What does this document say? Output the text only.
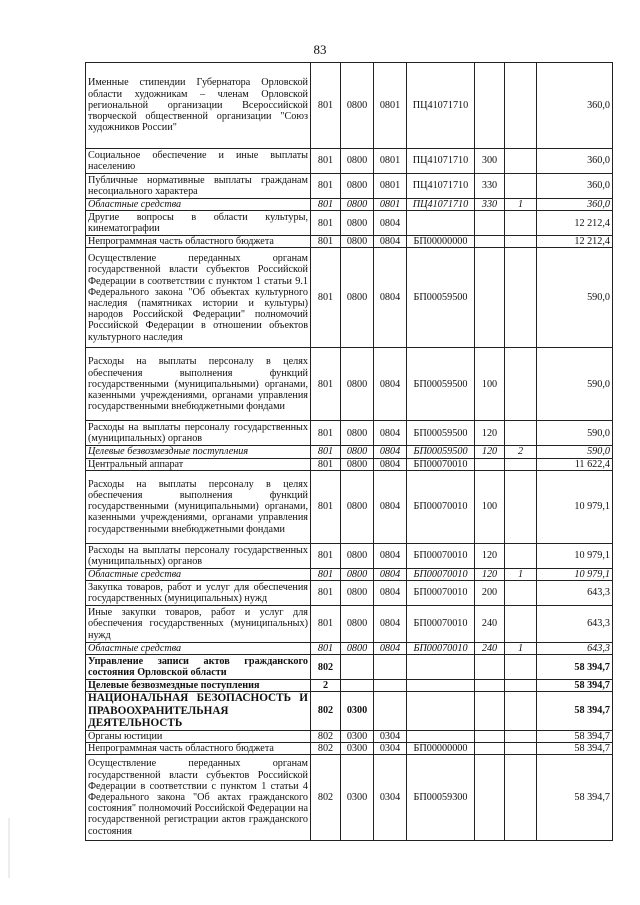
83
Именные стипендии Губернатора Орловской области художникам – членам Орловской региональной организации Всероссийской творческой общественной организации "Союз художников России"	801	0800	0801	ПЦ41071710			360,0
Социальное обеспечение и иные выплаты населению	801	0800	0801	ПЦ41071710	300		360,0
Публичные нормативные выплаты гражданам несоциального характера	801	0800	0801	ПЦ41071710	330		360,0
Областные средства	801	0800	0801	ПЦ41071710	330	1	360,0
Другие вопросы в области культуры, кинематографии	801	0800	0804				12 212,4
Непрограммная часть областного бюджета	801	0800	0804	БП00000000			12 212,4
Осуществление переданных органам государственной власти субъектов Российской Федерации в соответствии с пунктом 1 статьи 9.1 Федерального закона "Об объектах культурного наследия (памятниках истории и культуры) народов Российской Федерации" полномочий Российской Федерации в отношении объектов культурного наследия	801	0800	0804	БП00059500			590,0
Расходы на выплаты персоналу в целях обеспечения выполнения функций государственными (муниципальными) органами, казенными учреждениями, органами управления государственными внебюджетными фондами	801	0800	0804	БП00059500	100		590,0
Расходы на выплаты персоналу государственных (муниципальных) органов	801	0800	0804	БП00059500	120		590,0
Целевые безвозмездные поступления	801	0800	0804	БП00059500	120	2	590,0
Центральный аппарат	801	0800	0804	БП00070010			11 622,4
Расходы на выплаты персоналу в целях обеспечения выполнения функций государственными (муниципальными) органами, казенными учреждениями, органами управления государственными внебюджетными фондами	801	0800	0804	БП00070010	100		10 979,1
Расходы на выплаты персоналу государственных (муниципальных) органов	801	0800	0804	БП00070010	120		10 979,1
Областные средства	801	0800	0804	БП00070010	120	1	10 979,1
Закупка товаров, работ и услуг для обеспечения государственных (муниципальных) нужд	801	0800	0804	БП00070010	200		643,3
Иные закупки товаров, работ и услуг для обеспечения государственных (муниципальных) нужд	801	0800	0804	БП00070010	240		643,3
Областные средства	801	0800	0804	БП00070010	240	1	643,3
Управление записи актов гражданского состояния Орловской области	802						58 394,7
Целевые безвозмездные поступления	2						58 394,7
НАЦИОНАЛЬНАЯ БЕЗОПАСНОСТЬ И ПРАВООХРАНИТЕЛЬНАЯ ДЕЯТЕЛЬНОСТЬ	802	0300					58 394,7
Органы юстиции	802	0300	0304				58 394,7
Непрограммная часть областного бюджета	802	0300	0304	БП00000000			58 394,7
Осуществление переданных органам государственной власти субъектов Российской Федерации в соответствии с пунктом 1 статьи 4 Федерального закона "Об актах гражданского состояния" полномочий Российской Федерации на государственной регистрации актов гражданского состояния	802	0300	0304	БП00059300			58 394,7
